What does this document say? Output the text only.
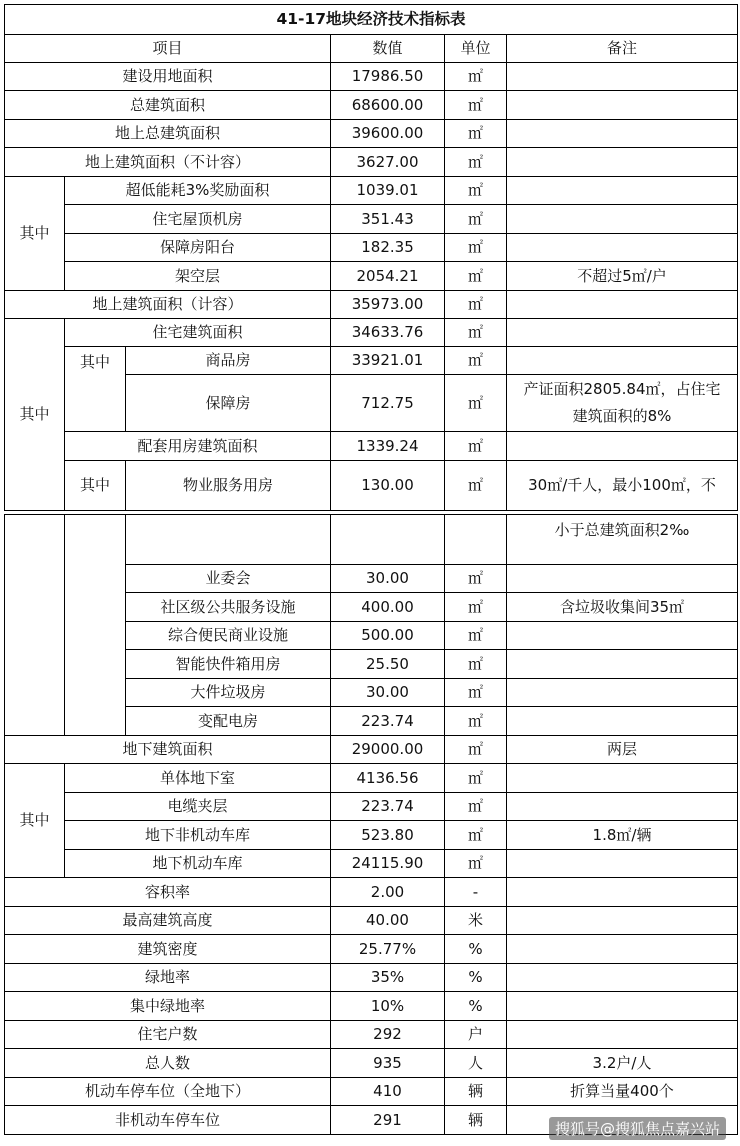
41-17地块经济技术指标表					
项目			数值	单位	备注
建设用地面积			17986.50	㎡	
总建筑面积			68600.00	㎡	
地上总建筑面积			39600.00	㎡	
地上建筑面积（不计容）			3627.00	㎡	
其中	超低能耗3%奖励面积		1039.01	㎡	
	住宅屋顶机房		351.43	㎡	
	保障房阳台		182.35	㎡	
	架空层		2054.21	㎡	不超过5㎡/户
地上建筑面积（计容）			35973.00	㎡	
其中	住宅建筑面积		34633.76	㎡	
	其中	商品房	33921.01	㎡	
		保障房	712.75	㎡	产证面积2805.84㎡，占住宅
建筑面积的8%
	配套用房建筑面积		1339.24	㎡	
	其中	物业服务用房	130.00	㎡	30㎡/千人，最小100㎡，不
					小于总建筑面积2‰
		业委会	30.00	㎡	
		社区级公共服务设施	400.00	㎡	含垃圾收集间35㎡
		综合便民商业设施	500.00	㎡	
		智能快件箱用房	25.50	㎡	
		大件垃圾房	30.00	㎡	
		变配电房	223.74	㎡	
地下建筑面积			29000.00	㎡	两层
其中	单体地下室		4136.56	㎡	
	电缆夹层		223.74	㎡	
	地下非机动车库		523.80	㎡	1.8㎡/辆
	地下机动车库		24115.90	㎡	
容积率			2.00	-	
最高建筑高度			40.00	米	
建筑密度			25.77%	%	
绿地率			35%	%	
集中绿地率			10%	%	
住宅户数			292	户	
总人数			935	人	3.2户/人
机动车停车位（全地下）			410	辆	折算当量400个
非机动车停车位			291	辆	
搜狐号@搜狐焦点嘉兴站
